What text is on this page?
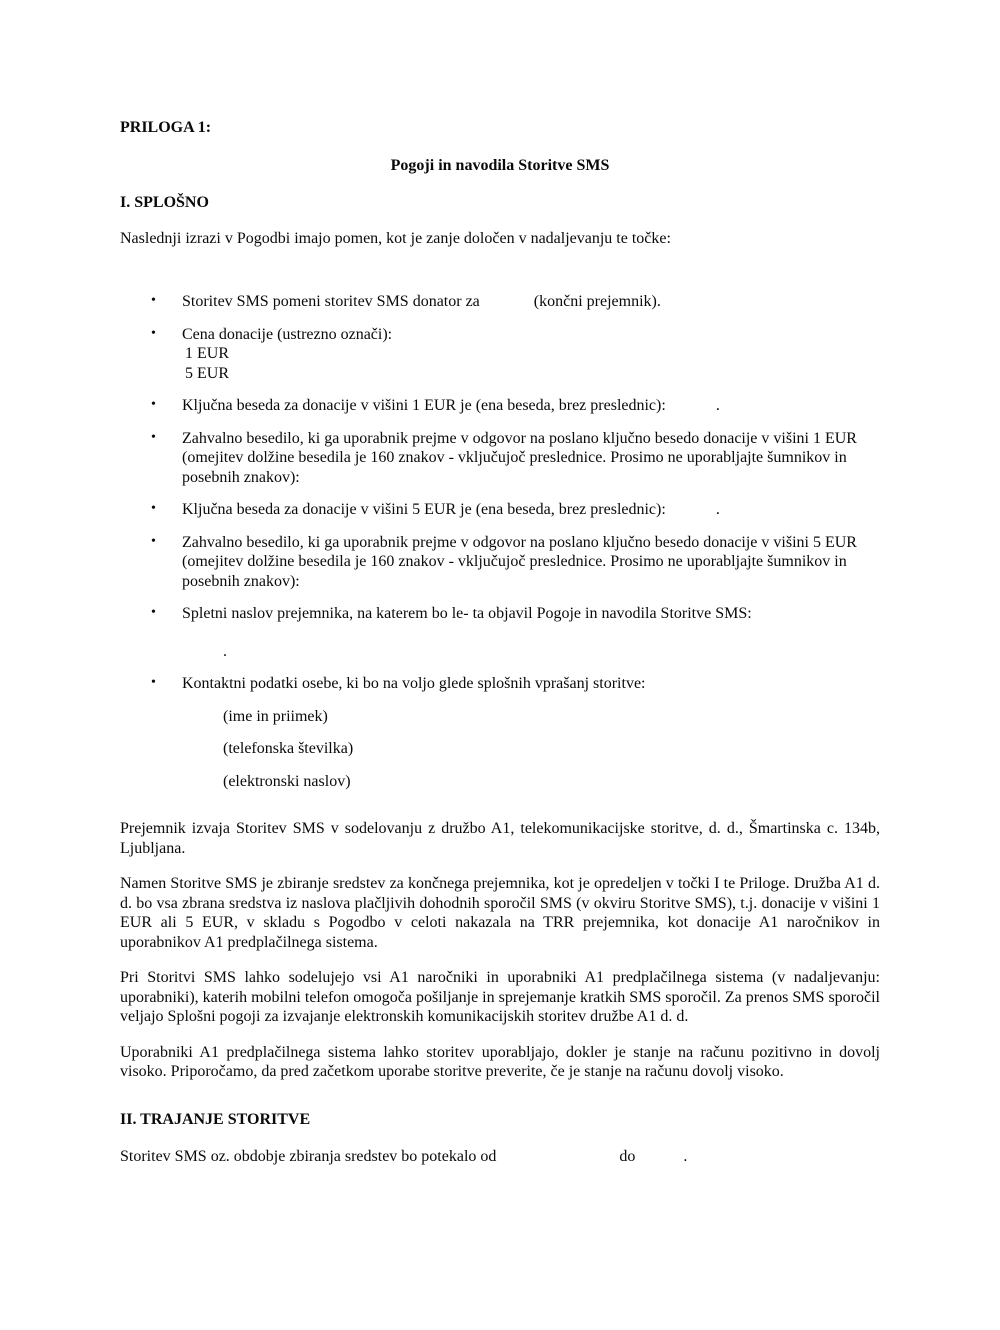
PRILOGA 1:

Pogoji in navodila Storitve SMS

I. SPLOŠNO

Naslednji izrazi v Pogodbi imajo pomen, kot je zanje določen v nadaljevanju te točke:

• Storitev SMS pomeni storitev SMS donator za	(končni prejemnik).
• Cena donacije (ustrezno označi):

1 EUR

5 EUR

• Ključna beseda za donacije v višini 1 EUR je (ena beseda, brez preslednic):	.
• Zahvalno besedilo, ki ga uporabnik prejme v odgovor na poslano ključno besedo donacije v višini 1 EUR (omejitev dolžine besedila je 160 znakov - vključujoč preslednice. Prosimo ne uporabljajte šumnikov in posebnih znakov):
• Ključna beseda za donacije v višini 5 EUR je (ena beseda, brez preslednic):	.
• Zahvalno besedilo, ki ga uporabnik prejme v odgovor na poslano ključno besedo donacije v višini 5 EUR (omejitev dolžine besedila je 160 znakov - vključujoč preslednice. Prosimo ne uporabljajte šumnikov in posebnih znakov):
• Spletni naslov prejemnika, na katerem bo le- ta objavil Pogoje in navodila Storitve SMS:

.

• Kontaktni podatki osebe, ki bo na voljo glede splošnih vprašanj storitve:

(ime in priimek)

(telefonska številka)

(elektronski naslov)

Prejemnik izvaja Storitev SMS v sodelovanju z družbo A1, telekomunikacijske storitve, d. d., Šmartinska c. 134b, Ljubljana.

Namen Storitve SMS je zbiranje sredstev za končnega prejemnika, kot je opredeljen v točki I te Priloge. Družba A1 d. d. bo vsa zbrana sredstva iz naslova plačljivih dohodnih sporočil SMS (v okviru Storitve SMS), t.j. donacije v višini 1 EUR ali 5 EUR, v skladu s Pogodbo v celoti nakazala na TRR prejemnika, kot donacije A1 naročnikov in uporabnikov A1 predplačilnega sistema.

Pri Storitvi SMS lahko sodelujejo vsi A1 naročniki in uporabniki A1 predplačilnega sistema (v nadaljevanju: uporabniki), katerih mobilni telefon omogoča pošiljanje in sprejemanje kratkih SMS sporočil. Za prenos SMS sporočil veljajo Splošni pogoji za izvajanje elektronskih komunikacijskih storitev družbe A1 d. d.

Uporabniki A1 predplačilnega sistema lahko storitev uporabljajo, dokler je stanje na računu pozitivno in dovolj visoko. Priporočamo, da pred začetkom uporabe storitve preverite, če je stanje na računu dovolj visoko.

II. TRAJANJE STORITVE

Storitev SMS oz. obdobje zbiranja sredstev bo potekalo od	do	.
